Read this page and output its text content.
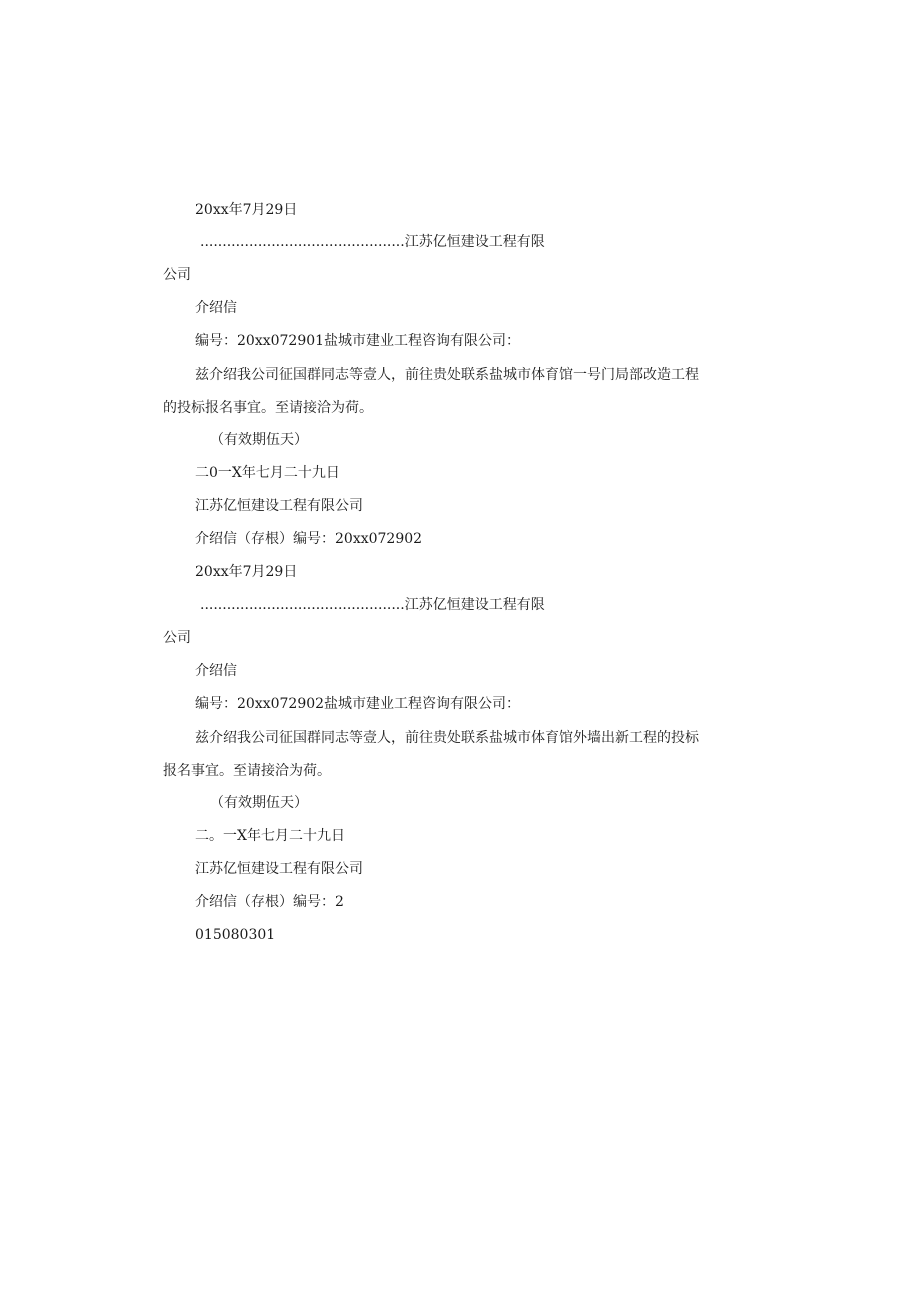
20xx年7月29日
..............................................江苏亿恒建设工程有限
公司
介绍信
编号：20xx072901盐城市建业工程咨询有限公司：
兹介绍我公司征国群同志等壹人，前往贵处联系盐城市体育馆一号门局部改造工程
的投标报名事宜。至请接洽为荷。
（有效期伍天）
二0一X年七月二十九日
江苏亿恒建设工程有限公司
介绍信（存根）编号：20xx072902
20xx年7月29日
..............................................江苏亿恒建设工程有限
公司
介绍信
编号：20xx072902盐城市建业工程咨询有限公司：
兹介绍我公司征国群同志等壹人，前往贵处联系盐城市体育馆外墙出新工程的投标
报名事宜。至请接洽为荷。
（有效期伍天）
二。一X年七月二十九日
江苏亿恒建设工程有限公司
介绍信（存根）编号：2
015080301
